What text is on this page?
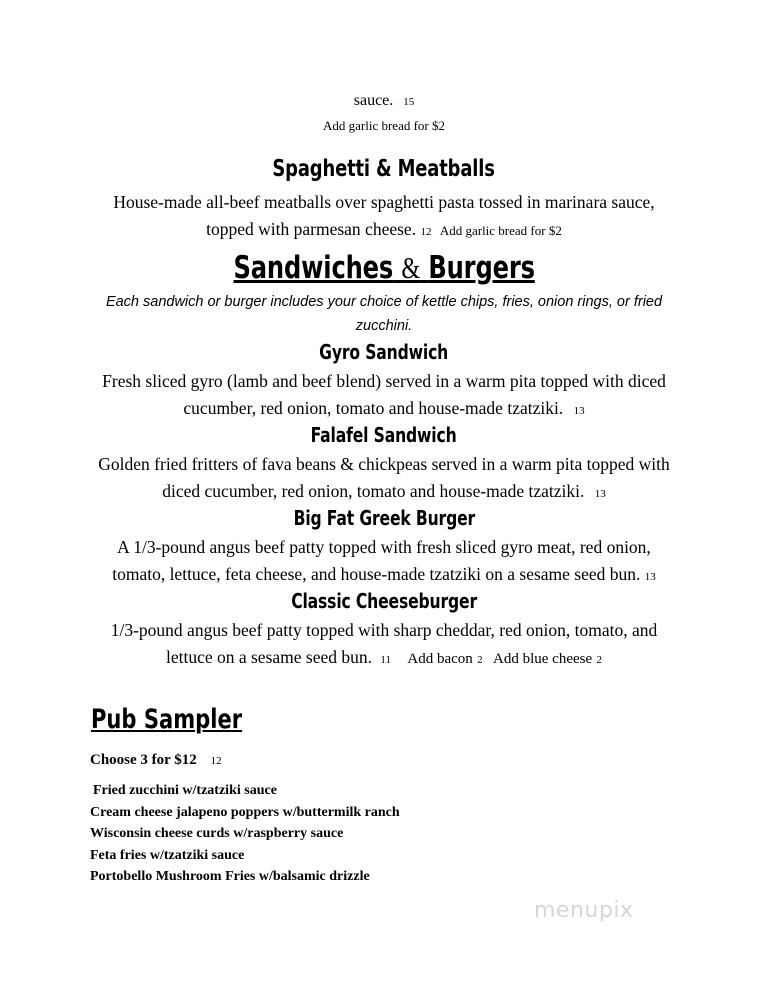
sauce. 15
Add garlic bread for $2
Spaghetti & Meatballs
House-made all-beef meatballs over spaghetti pasta tossed in marinara sauce,
topped with parmesan cheese. 12 Add garlic bread for $2
Sandwiches & Burgers
Each sandwich or burger includes your choice of kettle chips, fries, onion rings, or fried
zucchini.
Gyro Sandwich
Fresh sliced gyro (lamb and beef blend) served in a warm pita topped with diced
cucumber, red onion, tomato and house-made tzatziki. 13
Falafel Sandwich
Golden fried fritters of fava beans & chickpeas served in a warm pita topped with
diced cucumber, red onion, tomato and house-made tzatziki. 13
Big Fat Greek Burger
A 1/3-pound angus beef patty topped with fresh sliced gyro meat, red onion,
tomato, lettuce, feta cheese, and house-made tzatziki on a sesame seed bun. 13
Classic Cheeseburger
1/3-pound angus beef patty topped with sharp cheddar, red onion, tomato, and
lettuce on a sesame seed bun. 11 Add bacon 2 Add blue cheese 2
Pub Sampler
Choose 3 for $12 12
Fried zucchini w/tzatziki sauce
Cream cheese jalapeno poppers w/buttermilk ranch
Wisconsin cheese curds w/raspberry sauce
Feta fries w/tzatziki sauce
Portobello Mushroom Fries w/balsamic drizzle
menupix
